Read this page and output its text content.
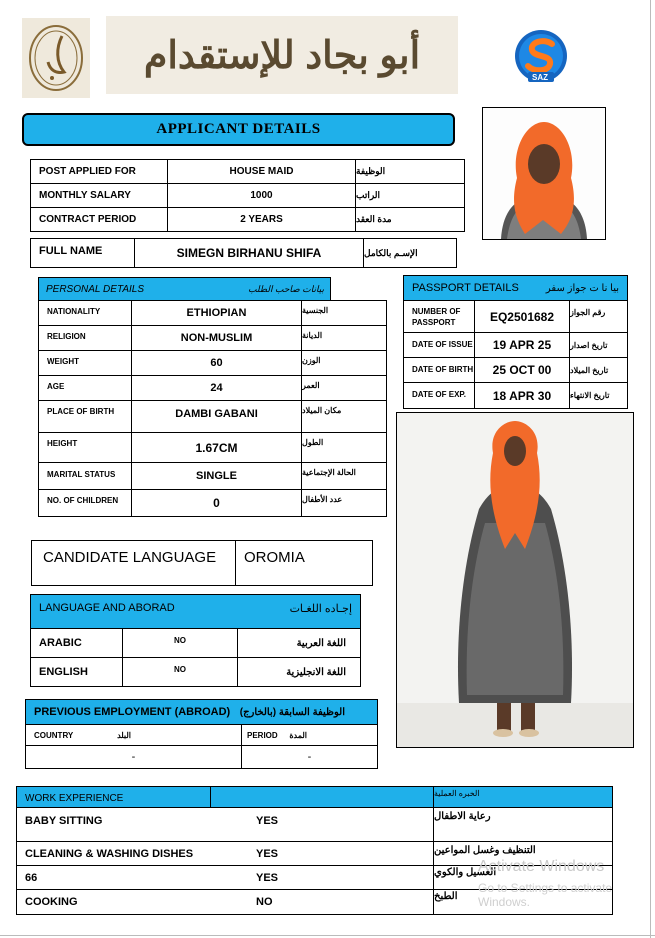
أبو بجاد للإستقدام
SAZ
APPLICANT DETAILS
POST APPLIED FOR	HOUSE MAID	الوظيفة
MONTHLY SALARY	1000	الراتب
CONTRACT PERIOD	2 YEARS	مدة العقد
FULL NAME	SIMEGN BIRHANU SHIFA	الإسـم بالكامل
PERSONAL DETAILS	بيانات صاحب الطلب
NATIONALITY	ETHIOPIAN	الجنسية
RELIGION	NON-MUSLIM	الديانة
WEIGHT	60	الوزن
AGE	24	العمر
PLACE OF BIRTH	DAMBI GABANI	مكان الميلاد
HEIGHT	1.67CM	الطول
MARITAL STATUS	SINGLE	الحالة الإجتماعية
NO. OF CHILDREN	0	عدد الأطفال
PASSPORT DETAILS	بيا نا ت جواز سفر
NUMBER OF PASSPORT	EQ2501682	رقم الجواز
DATE OF ISSUE	19 APR 25	تاريخ اصدار
DATE OF BIRTH	25 OCT 00	تاريخ الميلاد
DATE OF EXP.	18 APR 30	تاريخ الانتهاء
CANDIDATE LANGUAGE	OROMIA
LANGUAGE AND ABORAD	إجـاده اللغـات
ARABIC	NO	اللغة العربية
ENGLISH	NO	اللغة الانجليزية
PREVIOUS EMPLOYMENT (ABROAD) الوظيفة السابقة (بالخارج)
COUNTRY	البلد	PERIOD المدة
-	-
WORK EXPERIENCE	الخبره العملية
BABY SITTING	YES	رعاية الاطفال
CLEANING & WASHING DISHES	YES	التنظيف وغسل المواعين
66	YES	الغسيل والكوي
COOKING	NO	الطبخ
Activate Windows
Go to Settings to activate Windows.
